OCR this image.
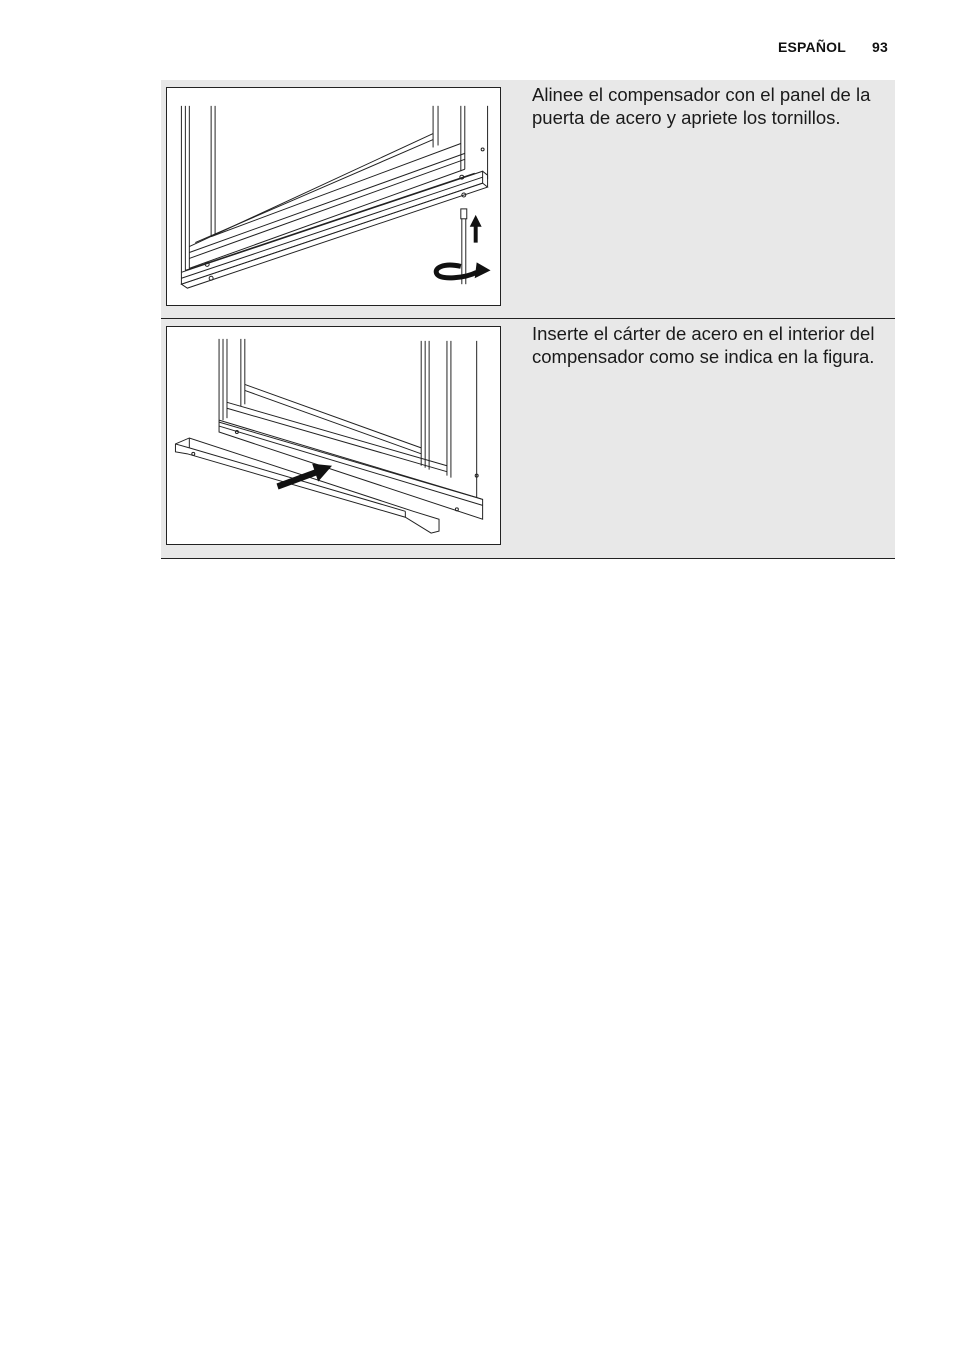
ESPAÑOL 93
Alinee el compensador con el panel de la puerta de acero y apriete los tornillos.
Inserte el cárter de acero en el interior del compensador como se indica en la figura.
